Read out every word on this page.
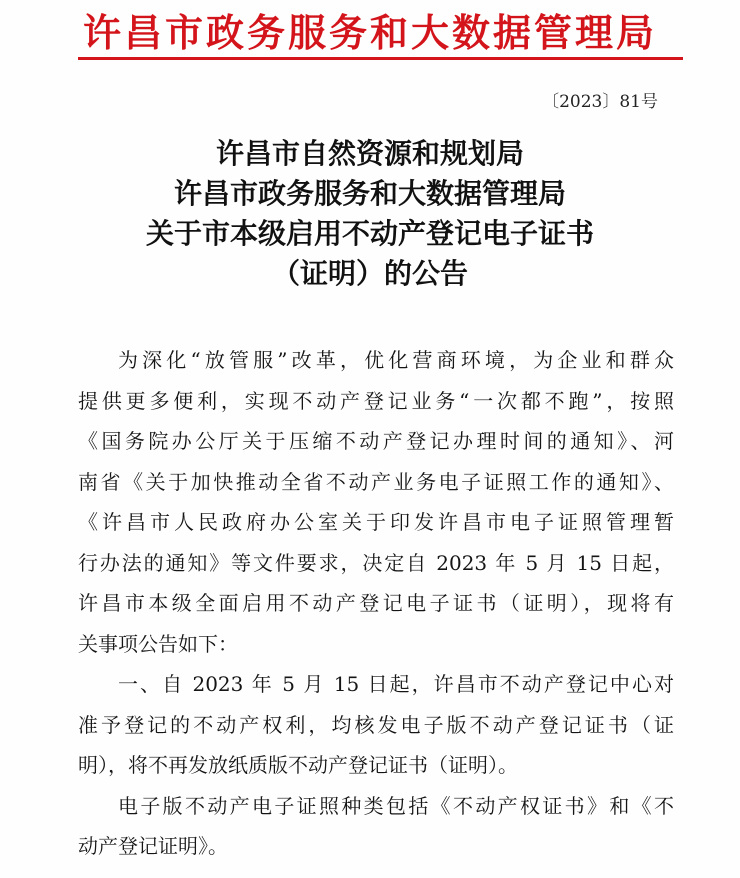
许昌市政务服务和大数据管理局
〔2023〕81号
许昌市自然资源和规划局
许昌市政务服务和大数据管理局
关于市本级启用不动产登记电子证书
（证明）的公告
为深化“放管服”改革，优化营商环境，为企业和群众
提供更多便利，实现不动产登记业务“一次都不跑”，按照
《国务院办公厅关于压缩不动产登记办理时间的通知》、河
南省《关于加快推动全省不动产业务电子证照工作的通知》、
《许昌市人民政府办公室关于印发许昌市电子证照管理暂
行办法的通知》等文件要求，决定自 2023 年 5 月 15 日起，
许昌市本级全面启用不动产登记电子证书（证明），现将有
关事项公告如下：
一、自 2023 年 5 月 15 日起，许昌市不动产登记中心对
准予登记的不动产权利，均核发电子版不动产登记证书（证
明），将不再发放纸质版不动产登记证书（证明）。
电子版不动产电子证照种类包括《不动产权证书》和《不
动产登记证明》。
